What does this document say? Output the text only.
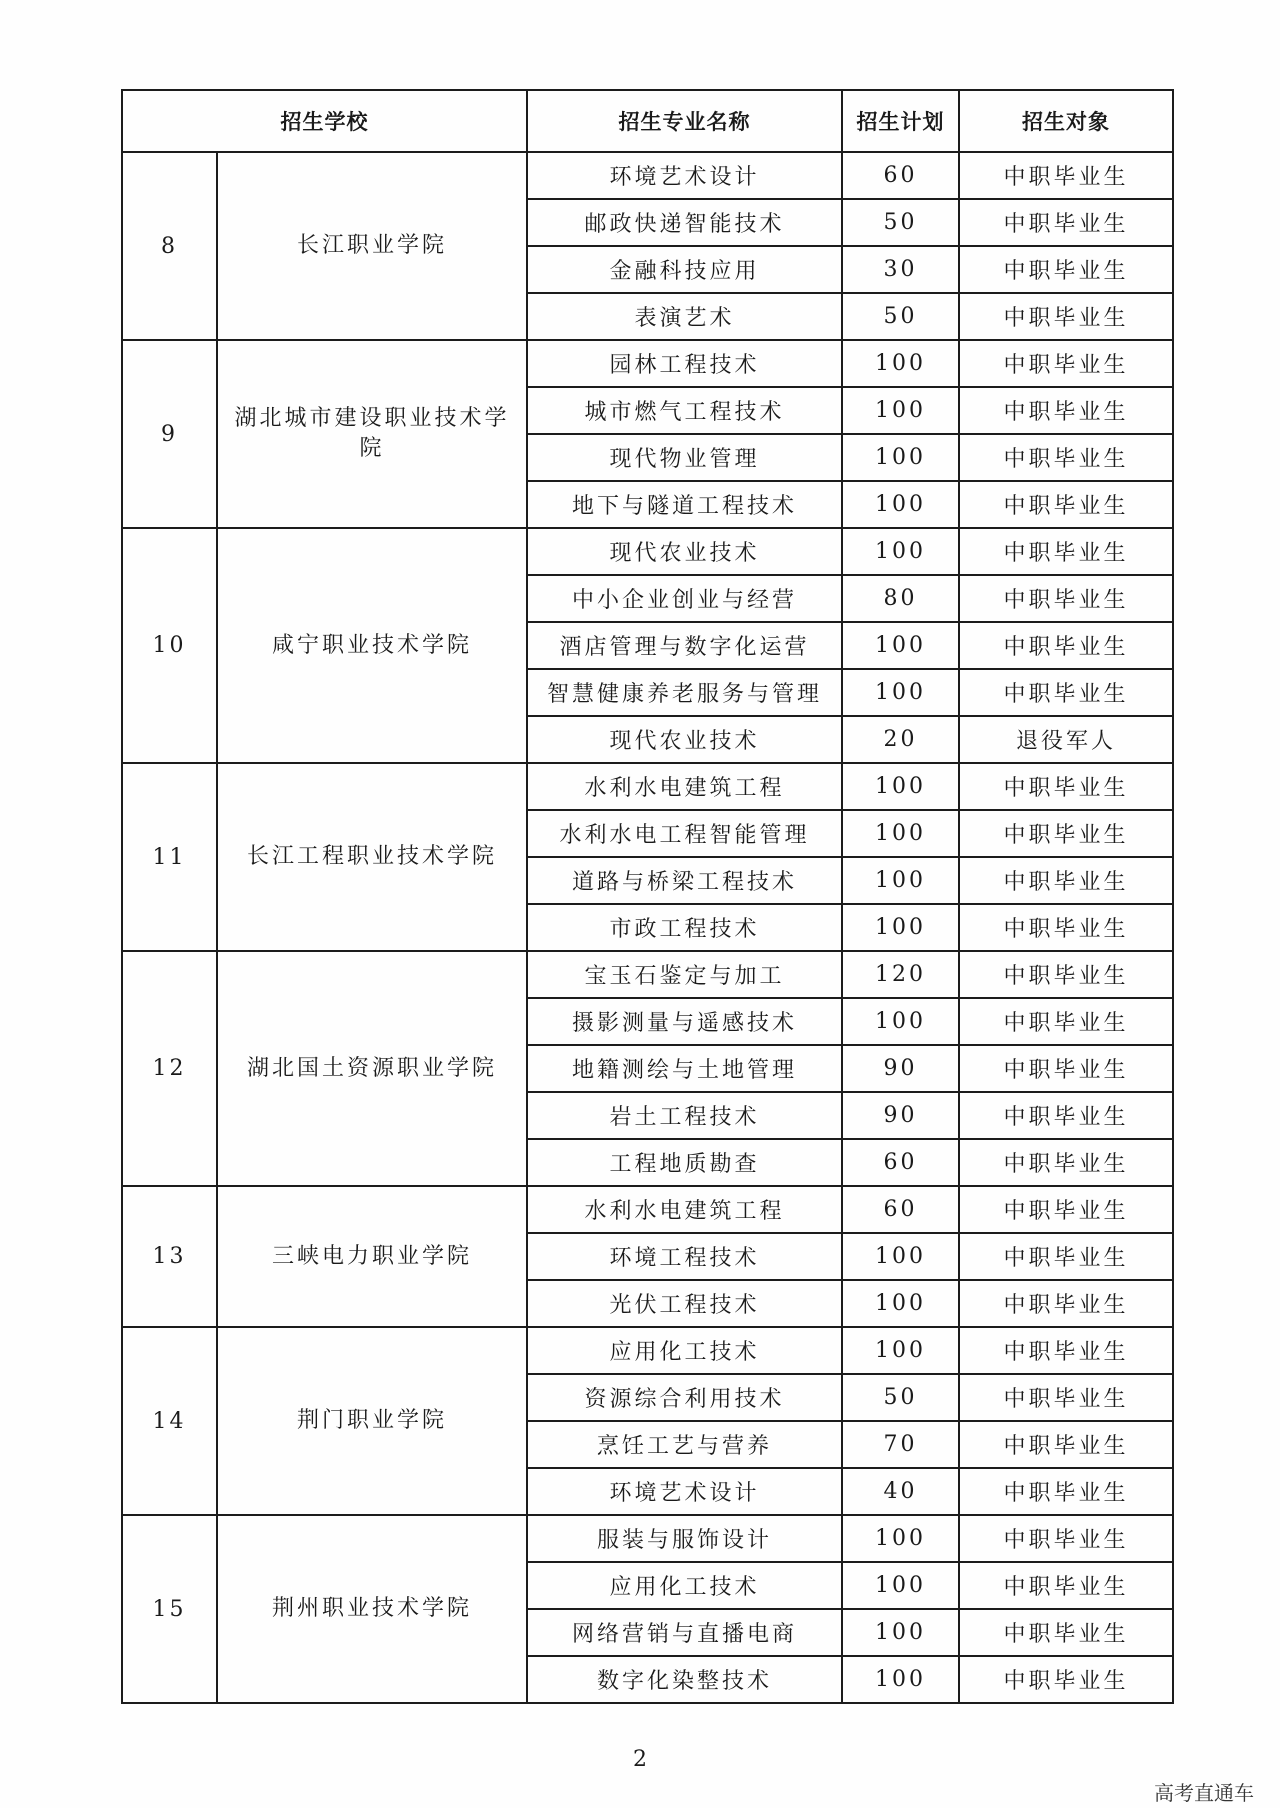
招生学校		招生专业名称	招生计划	招生对象
8	长江职业学院	环境艺术设计	60	中职毕业生
		邮政快递智能技术	50	中职毕业生
		金融科技应用	30	中职毕业生
		表演艺术	50	中职毕业生
9	湖北城市建设职业技术学院	园林工程技术	100	中职毕业生
		城市燃气工程技术	100	中职毕业生
		现代物业管理	100	中职毕业生
		地下与隧道工程技术	100	中职毕业生
10	咸宁职业技术学院	现代农业技术	100	中职毕业生
		中小企业创业与经营	80	中职毕业生
		酒店管理与数字化运营	100	中职毕业生
		智慧健康养老服务与管理	100	中职毕业生
		现代农业技术	20	退役军人
11	长江工程职业技术学院	水利水电建筑工程	100	中职毕业生
		水利水电工程智能管理	100	中职毕业生
		道路与桥梁工程技术	100	中职毕业生
		市政工程技术	100	中职毕业生
12	湖北国土资源职业学院	宝玉石鉴定与加工	120	中职毕业生
		摄影测量与遥感技术	100	中职毕业生
		地籍测绘与土地管理	90	中职毕业生
		岩土工程技术	90	中职毕业生
		工程地质勘查	60	中职毕业生
13	三峡电力职业学院	水利水电建筑工程	60	中职毕业生
		环境工程技术	100	中职毕业生
		光伏工程技术	100	中职毕业生
14	荆门职业学院	应用化工技术	100	中职毕业生
		资源综合利用技术	50	中职毕业生
		烹饪工艺与营养	70	中职毕业生
		环境艺术设计	40	中职毕业生
15	荆州职业技术学院	服装与服饰设计	100	中职毕业生
		应用化工技术	100	中职毕业生
		网络营销与直播电商	100	中职毕业生
		数字化染整技术	100	中职毕业生
2
高考直通车
